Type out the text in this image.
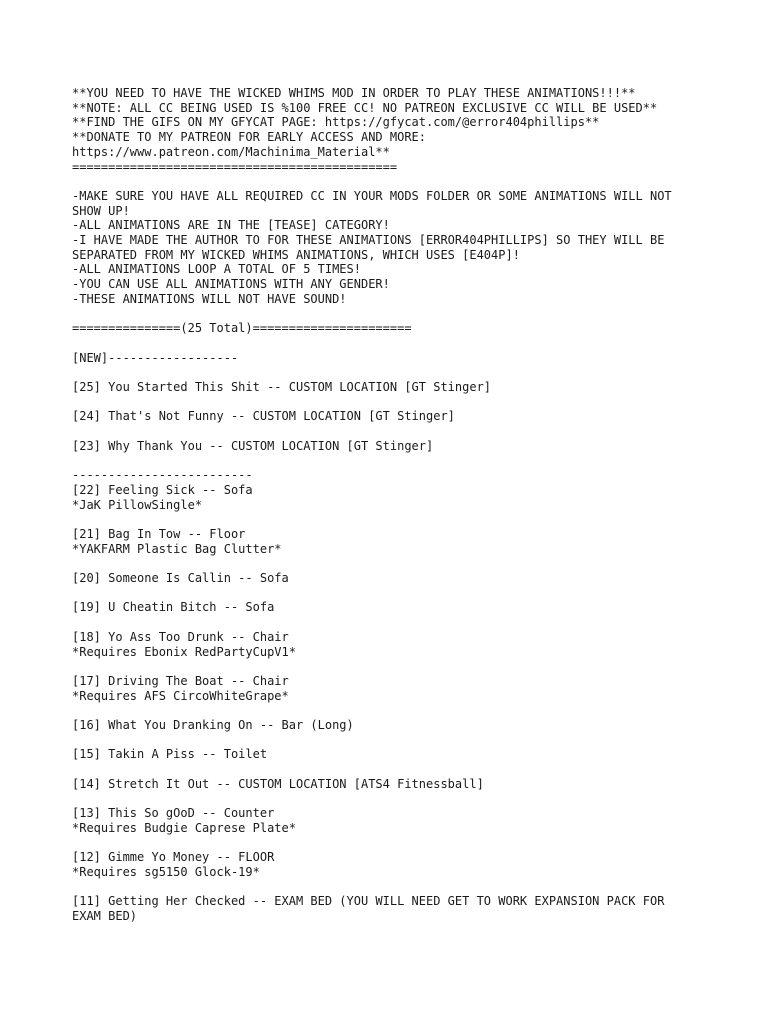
**YOU NEED TO HAVE THE WICKED WHIMS MOD IN ORDER TO PLAY THESE ANIMATIONS!!!**
**NOTE: ALL CC BEING USED IS %100 FREE CC! NO PATREON EXCLUSIVE CC WILL BE USED**
**FIND THE GIFS ON MY GFYCAT PAGE: https://gfycat.com/@error404phillips**
**DONATE TO MY PATREON FOR EARLY ACCESS AND MORE:
https://www.patreon.com/Machinima_Material**
=============================================
-MAKE SURE YOU HAVE ALL REQUIRED CC IN YOUR MODS FOLDER OR SOME ANIMATIONS WILL NOT
SHOW UP!
-ALL ANIMATIONS ARE IN THE [TEASE] CATEGORY!
-I HAVE MADE THE AUTHOR TO FOR THESE ANIMATIONS [ERROR404PHILLIPS] SO THEY WILL BE
SEPARATED FROM MY WICKED WHIMS ANIMATIONS, WHICH USES [E404P]!
-ALL ANIMATIONS LOOP A TOTAL OF 5 TIMES!
-YOU CAN USE ALL ANIMATIONS WITH ANY GENDER!
-THESE ANIMATIONS WILL NOT HAVE SOUND!
===============(25 Total)======================
[NEW]------------------
[25] You Started This Shit -- CUSTOM LOCATION [GT Stinger]
[24] That's Not Funny -- CUSTOM LOCATION [GT Stinger]
[23] Why Thank You -- CUSTOM LOCATION [GT Stinger]
-------------------------
[22] Feeling Sick -- Sofa
*JaK PillowSingle*
[21] Bag In Tow -- Floor
*YAKFARM Plastic Bag Clutter*
[20] Someone Is Callin -- Sofa
[19] U Cheatin Bitch -- Sofa
[18] Yo Ass Too Drunk -- Chair
*Requires Ebonix RedPartyCupV1*
[17] Driving The Boat -- Chair
*Requires AFS CircoWhiteGrape*
[16] What You Dranking On -- Bar (Long)
[15] Takin A Piss -- Toilet
[14] Stretch It Out -- CUSTOM LOCATION [ATS4 Fitnessball]
[13] This So gOoD -- Counter
*Requires Budgie Caprese Plate*
[12] Gimme Yo Money -- FLOOR
*Requires sg5150 Glock-19*
[11] Getting Her Checked -- EXAM BED (YOU WILL NEED GET TO WORK EXPANSION PACK FOR
EXAM BED)
